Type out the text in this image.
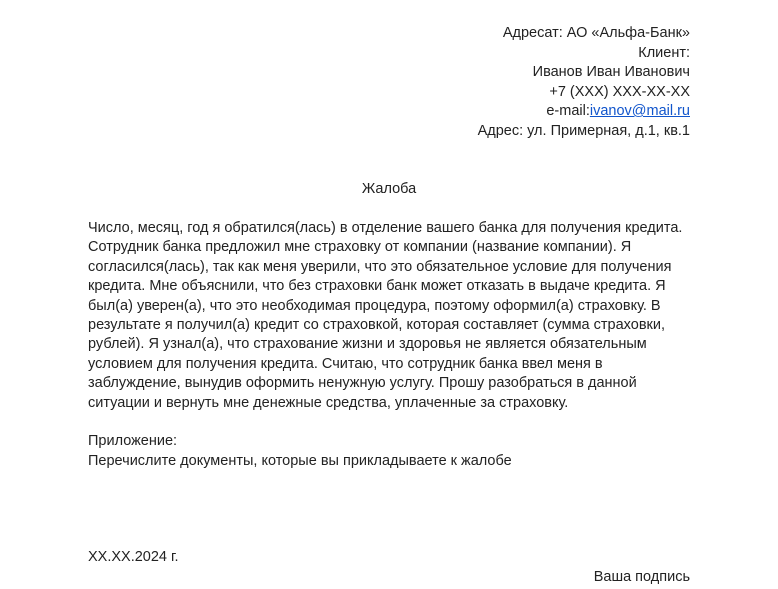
Адресат: АО «Альфа-Банк»
Клиент:
Иванов Иван Иванович
+7 (XXX) XXX-XX-XX
e-mail:ivanov@mail.ru
Адрес: ул. Примерная, д.1, кв.1
Жалоба
Число, месяц, год я обратился(лась) в отделение вашего банка для получения кредита.
Сотрудник банка предложил мне страховку от компании (название компании). Я
согласился(лась), так как меня уверили, что это обязательное условие для получения
кредита. Мне объяснили, что без страховки банк может отказать в выдаче кредита. Я
был(а) уверен(а), что это необходимая процедура, поэтому оформил(а) страховку. В
результате я получил(а) кредит со страховкой, которая составляет (сумма страховки,
рублей). Я узнал(а), что страхование жизни и здоровья не является обязательным
условием для получения кредита. Считаю, что сотрудник банка ввел меня в
заблуждение, вынудив оформить ненужную услугу. Прошу разобраться в данной
ситуации и вернуть мне денежные средства, уплаченные за страховку.
Приложение:
Перечислите документы, которые вы прикладываете к жалобе
XX.XX.2024 г.
Ваша подпись
